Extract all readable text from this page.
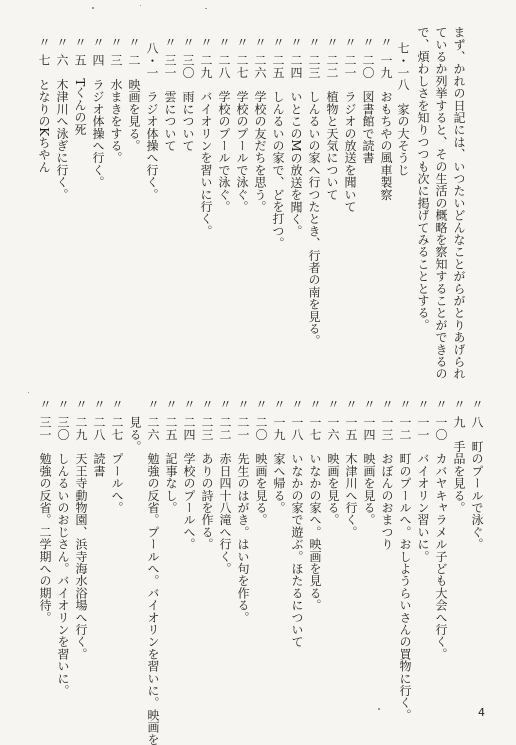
まず、かれの日記には、いつたいどんなことがらがとりあげられ
ているか列挙すると、その生活の概略を察知することができるの
で、煩わしさを知りつつも次に掲げてみることとする。
七・一八家の大そうじ
〃一九おもちやの風車製察
〃二〇図書館で読書
〃二一ラジオの放送を聞いて
〃二二植物と天気について
〃二三しんるいの家へ行つたとき、行者の南を見る。
〃二四いとこのMの放送を聞く。
〃二五しんるいの家で、どを打つ。
〃二六学校の友だちを思う。
〃二七学校のプールで泳ぐ。
〃二八学校のプールで泳ぐ。
〃二九バイオリンを習いに行く。
〃三〇雨について
〃三一雲について
八・一ラジオ体操へ行く。
〃二映画を見る。
〃三水まきをする。
〃四ラジオ体操へ行く。
〃五Tくんの死
〃六木津川へ泳ぎに行く。
〃七となりのKちやん
〃八町のプールで泳ぐ。
〃九手品を見る。
〃一〇カバヤキャラメル子ども大会へ行く。
〃一一バイオリン習いに。
〃一二町のプールへ。おしようらいさんの買物に行く。
〃一三おぼんのおまつり
〃一四映画を見る。
〃一五木津川へ行く。
〃一六映画を見る。
〃一七いなかの家へ。映画を見る。
〃一八いなかの家で遊ぶ。ほたるについて
〃一九家へ帰る。
〃二〇映画を見る。
〃二一先生のはがき。はい句を作る。
〃二二赤日四十八滝へ行く。
〃二三ありの詩を作る。
〃二四学校のプールへ。
〃二五記事なし。
〃二六勉強の反省。プールへ。バイオリンを習いに。映画を
見る。
〃二七プールへ。
〃二八読書
〃二九天王寺動物園、浜寺海水浴場へ行く。
〃三〇しんるいのおじさん。バイオリンを習いに。
〃三一勉強の反省。二学期への期待。
4
